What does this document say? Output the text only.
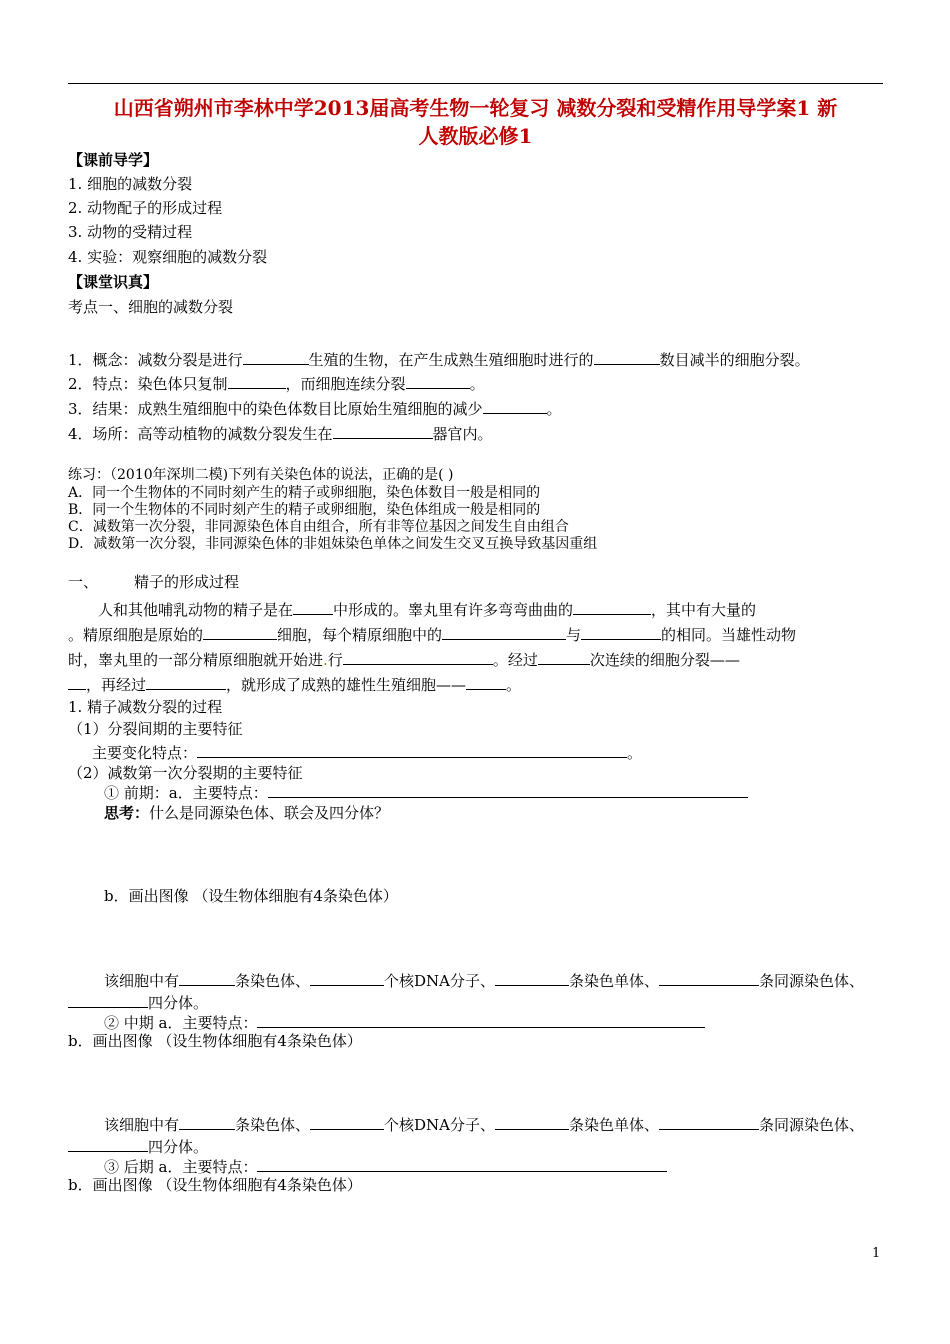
山西省朔州市李林中学2013届高考生物一轮复习 减数分裂和受精作用导学案1 新
人教版必修1
【课前导学】
1. 细胞的减数分裂
2. 动物配子的形成过程
3. 动物的受精过程
4. 实验：观察细胞的减数分裂
【课堂识真】
考点一、细胞的减数分裂
1．概念：减数分裂是进行	生殖的生物，在产生成熟生殖细胞时进行的	数目减半的细胞分裂。
2．特点：染色体只复制	，而细胞连续分裂	。
3．结果：成熟生殖细胞中的染色体数目比原始生殖细胞的减少	。
4．场所：高等动植物的减数分裂发生在	器官内。
练习：（2010年深圳二模)下列有关染色体的说法，正确的是( )
A．同一个生物体的不同时刻产生的精子或卵细胞，染色体数目一般是相同的
B．同一个生物体的不同时刻产生的精子或卵细胞，染色体组成一般是相同的
C．减数第一次分裂，非同源染色体自由组合，所有非等位基因之间发生自由组合
D．减数第一次分裂，非同源染色体的非姐妹染色单体之间发生交叉互换导致基因重组
一、 精子的形成过程
人和其他哺乳动物的精子是在	中形成的。睾丸里有许多弯弯曲曲的	，其中有大量的
。精原细胞是原始的	细胞，每个精原细胞中的	与	的相同。当雄性动物
时，睾丸里的一部分精原细胞就开始进.行	。经过	次连续的细胞分裂——
，再经过	，就形成了成熟的雄性生殖细胞——	。
1. 精子减数分裂的过程
（1）分裂间期的主要特征
主要变化特点：	。
（2）减数第一次分裂期的主要特征
① 前期：a．主要特点：
思考：什么是同源染色体、联会及四分体？
b．画出图像 （设生物体细胞有4条染色体）
该细胞中有	条染色体、	个核DNA分子、	条染色单体、	条同源染色体、
四分体。
② 中期 a．主要特点：
b．画出图像 （设生物体细胞有4条染色体）
该细胞中有	条染色体、	个核DNA分子、	条染色单体、	条同源染色体、
四分体。
③ 后期 a．主要特点：
b．画出图像 （设生物体细胞有4条染色体）
1
